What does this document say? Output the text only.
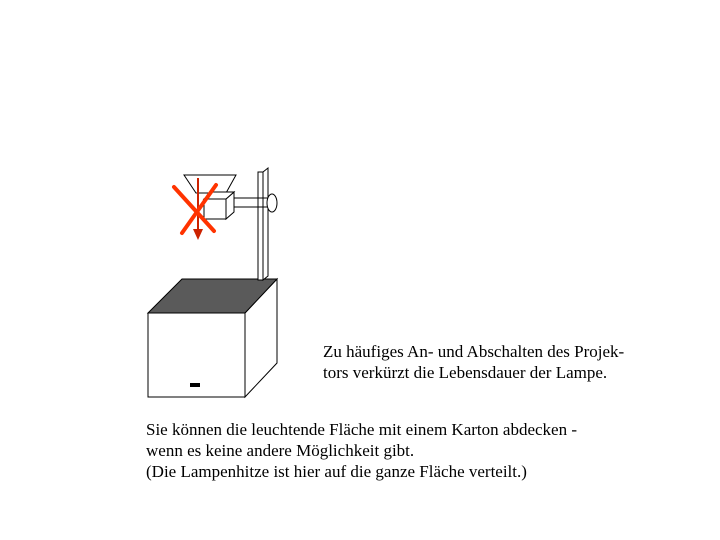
Zu häufiges An- und Abschalten des Projek-
tors verkürzt die Lebensdauer der Lampe.

Sie können die leuchtende Fläche mit einem Karton abdecken -
wenn es keine andere Möglichkeit gibt.
(Die Lampenhitze ist hier auf die ganze Fläche verteilt.)
